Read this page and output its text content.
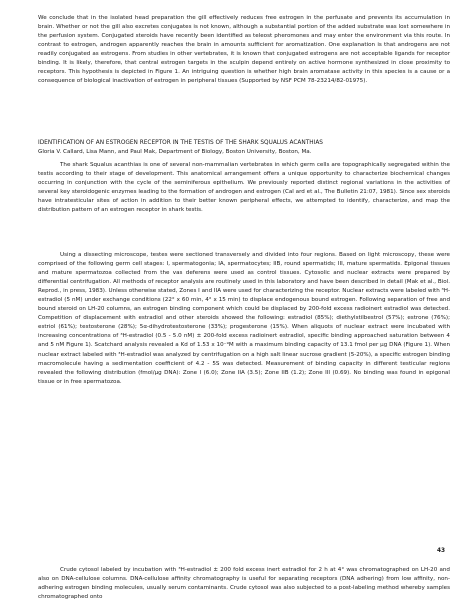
We conclude that in the isolated head preparation the gill effectively reduces free estrogen in the perfusate and prevents its accumulation in brain. Whether or not the gill also excretes conjugates is not known, although a substantial portion of the added substrate was lost somewhere in the perfusion system. Conjugated steroids have recently been identified as teleost pheromones and may enter the environment via this route. In contrast to estrogen, androgen apparently reaches the brain in amounts sufficient for aromatization. One explanation is that androgens are not readily conjugated as estrogens. From studies in other vertebrates, it is known that conjugated estrogens are not acceptable ligands for receptor binding. It is likely, therefore, that central estrogen targets in the sculpin depend entirely on active hormone synthesized in close proximity to receptors. This hypothesis is depicted in Figure 1. An intriguing question is whether high brain aromatase activity in this species is a cause or a consequence of biological inactivation of estrogen in peripheral tissues (Supported by NSF PCM 78-23214/82-01975).
IDENTIFICATION OF AN ESTROGEN RECEPTOR IN THE TESTIS OF THE SHARK SQUALUS ACANTHIAS
Gloria V. Callard, Lisa Mann, and Paul Mak, Department of Biology, Boston University, Boston, Ma.
The shark Squalus acanthias is one of several non-mammalian vertebrates in which germ cells are topographically segregated within the testis according to their stage of development. This anatomical arrangement offers a unique opportunity to characterize biochemical changes occurring in conjunction with the cycle of the seminiferous epithelium. We previously reported distinct regional variations in the activities of several key steroidogenic enzymes leading to the formation of androgen and estrogen (Cal ard et al., The Bulletin 21:07, 1981). Since sex steroids have intratesticular sites of action in addition to their better known peripheral effects, we attempted to identify, characterize, and map the distribution pattern of an estrogen receptor in shark testis.
Using a dissecting microscope, testes were sectioned transversely and divided into four regions. Based on light microscopy, these were comprised of the following germ cell stages: I, spermatogonia; IA, spermatocytes; IIB, round spermatids; III, mature spermatids. Epigonal tissues and mature spermatozoa collected from the vas deferens were used as control tissues. Cytosolic and nuclear extracts were prepared by differential centrifugation. All methods of receptor analysis are routinely used in this laboratory and have been described in detail (Mak et al., Biol. Reprod., in press, 1983). Unless otherwise stated, Zones I and IIA were used for characterizing the receptor. Nuclear extracts were labeled with ³H-estradiol (5 nM) under exchange conditions (22° x 60 min, 4° x 15 min) to displace endogenous bound estrogen. Following separation of free and bound steroid on LH-20 columns, an estrogen binding component which could be displaced by 200-fold excess radioinert estradiol was detected. Competition of displacement with estradiol and other steroids showed the following: estradiol (85%); diethylstilbestrol (57%); estrone (76%); estriol (61%); testosterone (28%); 5α-dihydrotestosterone (33%); progesterone (15%). When aliquots of nuclear extract were incubated with increasing concentrations of ³H-estradiol (0.5 - 5.0 nM) ± 200-fold excess radioinert estradiol, specific binding approached saturation between 4 and 5 nM Figure 1). Scatchard analysis revealed a Kd of 1.53 x 10⁻⁹M with a maximum binding capacity of 13.1 fmol per μg DNA (Figure 1). When nuclear extract labeled with ³H-estradiol was analyzed by centrifugation on a high salt linear sucrose gradient (5-20%), a specific estrogen binding macromolecule having a sedimentation coefficient of 4.2 - 5S was detected. Measurement of binding capacity in different testicular regions revealed the following distribution (fmol/μg DNA): Zone I (6.0); Zone IIA (3.5); Zone IIB (1.2); Zone III (0.69). No binding was found in epigonal tissue or in free spermatozoa.
Crude cytosol labeled by incubation with ³H-estradiol ± 200 fold excess inert estradiol for 2 h at 4° was chromatographed on LH-20 and also on DNA-cellulose columns. DNA-cellulose affinity chromatography is useful for separating receptors (DNA adhering) from low affinity, non-adhering estrogen binding molecules, usually serum contaminants. Crude cytosol was also subjected to a post-labeling method whereby samples chromatographed onto
43
